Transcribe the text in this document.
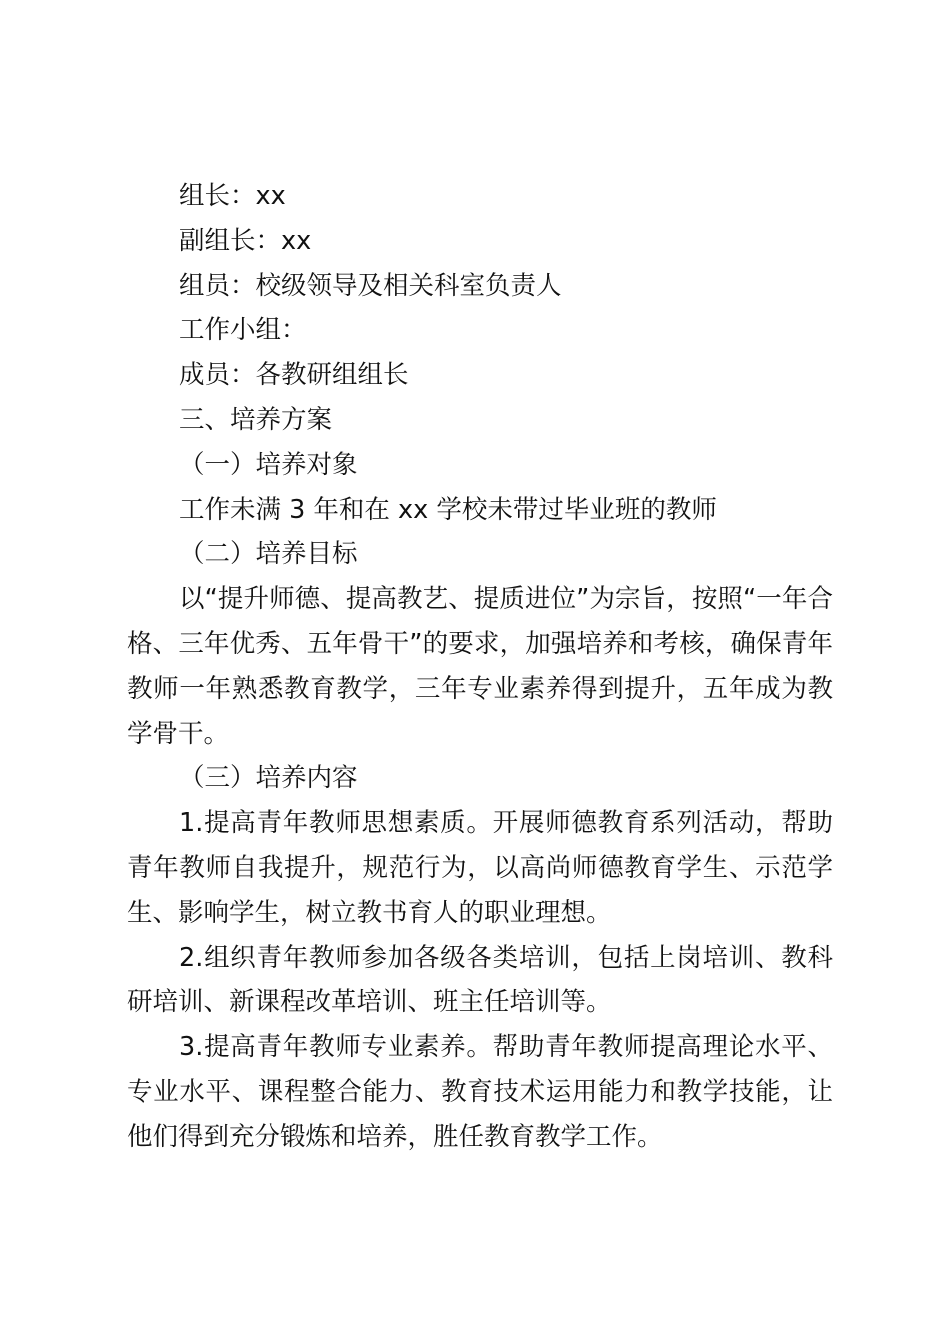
组长：xx

副组长：xx

组员：校级领导及相关科室负责人

工作小组：

成员：各教研组组长

三、培养方案

（一）培养对象

工作未满 3 年和在 xx 学校未带过毕业班的教师

（二）培养目标

以“提升师德、提高教艺、提质进位”为宗旨，按照“一年合格、三年优秀、五年骨干”的要求，加强培养和考核，确保青年教师一年熟悉教育教学，三年专业素养得到提升，五年成为教学骨干。

（三）培养内容

1.提高青年教师思想素质。开展师德教育系列活动，帮助青年教师自我提升，规范行为，以高尚师德教育学生、示范学生、影响学生，树立教书育人的职业理想。

2.组织青年教师参加各级各类培训，包括上岗培训、教科研培训、新课程改革培训、班主任培训等。

3.提高青年教师专业素养。帮助青年教师提高理论水平、专业水平、课程整合能力、教育技术运用能力和教学技能，让他们得到充分锻炼和培养，胜任教育教学工作。
